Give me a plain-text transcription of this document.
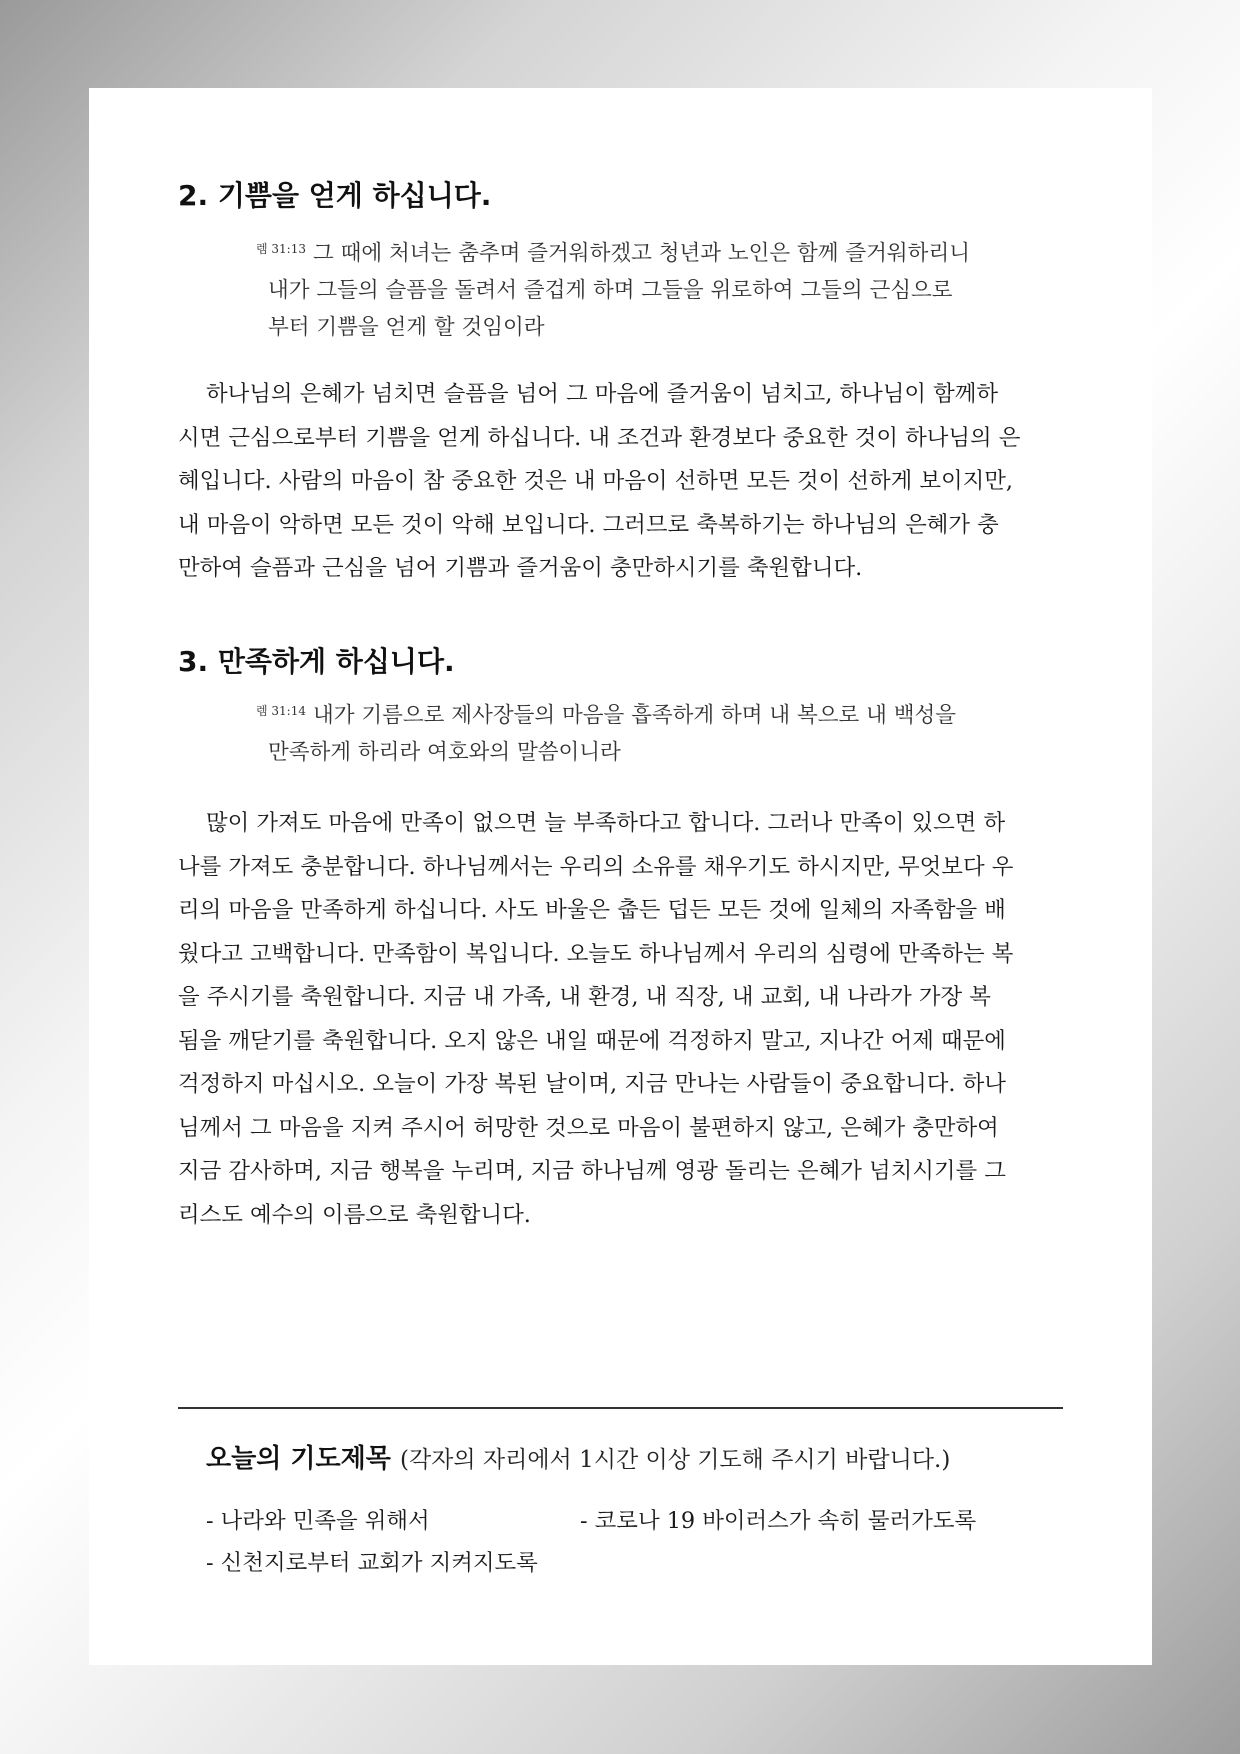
2. 기쁨을 얻게 하십니다.
$^{렘 31:13}$ 그 때에 처녀는 춤추며 즐거워하겠고 청년과 노인은 함께 즐거워하리니
내가 그들의 슬픔을 돌려서 즐겁게 하며 그들을 위로하여 그들의 근심으로
부터 기쁨을 얻게 할 것임이라
하나님의 은혜가 넘치면 슬픔을 넘어 그 마음에 즐거움이 넘치고, 하나님이 함께하
시면 근심으로부터 기쁨을 얻게 하십니다. 내 조건과 환경보다 중요한 것이 하나님의 은
혜입니다. 사람의 마음이 참 중요한 것은 내 마음이 선하면 모든 것이 선하게 보이지만,
내 마음이 악하면 모든 것이 악해 보입니다. 그러므로 축복하기는 하나님의 은혜가 충
만하여 슬픔과 근심을 넘어 기쁨과 즐거움이 충만하시기를 축원합니다.
3. 만족하게 하십니다.
$^{렘 31:14}$ 내가 기름으로 제사장들의 마음을 흡족하게 하며 내 복으로 내 백성을
만족하게 하리라 여호와의 말씀이니라
많이 가져도 마음에 만족이 없으면 늘 부족하다고 합니다. 그러나 만족이 있으면 하
나를 가져도 충분합니다. 하나님께서는 우리의 소유를 채우기도 하시지만, 무엇보다 우
리의 마음을 만족하게 하십니다. 사도 바울은 춥든 덥든 모든 것에 일체의 자족함을 배
웠다고 고백합니다. 만족함이 복입니다. 오늘도 하나님께서 우리의 심령에 만족하는 복
을 주시기를 축원합니다. 지금 내 가족, 내 환경, 내 직장, 내 교회, 내 나라가 가장 복
됨을 깨닫기를 축원합니다. 오지 않은 내일 때문에 걱정하지 말고, 지나간 어제 때문에
걱정하지 마십시오. 오늘이 가장 복된 날이며, 지금 만나는 사람들이 중요합니다. 하나
님께서 그 마음을 지켜 주시어 허망한 것으로 마음이 불편하지 않고, 은혜가 충만하여
지금 감사하며, 지금 행복을 누리며, 지금 하나님께 영광 돌리는 은혜가 넘치시기를 그
리스도 예수의 이름으로 축원합니다.
오늘의 기도제목 (각자의 자리에서 1시간 이상 기도해 주시기 바랍니다.)
- 나라와 민족을 위해서	- 코로나 19 바이러스가 속히 물러가도록
- 신천지로부터 교회가 지켜지도록
